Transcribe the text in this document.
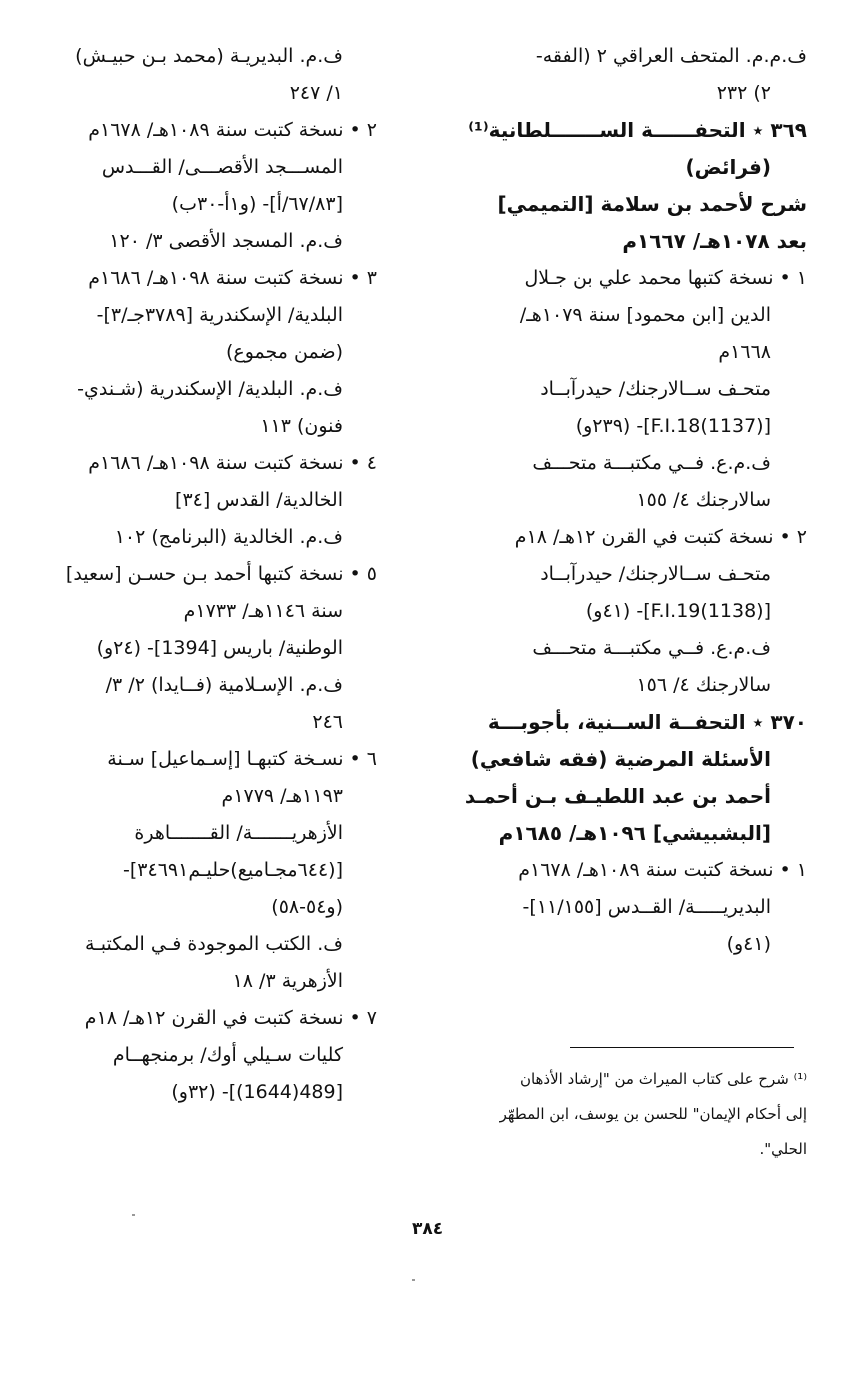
ف.م.م. المتحف العراقي ٢ (الفقه-
٢) ٢٣٢
٣٦٩ ٭ التحفــــــة الســـــــلطانية⁽¹⁾
(فرائض)
شرح لأحمد بن سلامة [التميمي]
بعد ١٠٧٨هـ/ ١٦٦٧م
١ • نسخة كتبها محمد علي بن جـلال
الدين [ابن محمود] سنة ١٠٧٩هـ/
١٦٦٨م
متحـف ســالارجنك/ حيدرآبــاد
[(1137)F.I.18]- (٢٣٩و)
ف.م.ع. فــي مكتبـــة متحـــف
سالارجنك ٤/ ١٥٥
٢ • نسخة كتبت في القرن ١٢هـ/ ١٨م
متحـف ســالارجنك/ حيدرآبــاد
[(1138)F.I.19]- (٤١و)
ف.م.ع. فــي مكتبـــة متحـــف
سالارجنك ٤/ ١٥٦
٣٧٠ ٭ التحفــة الســنية، بأجوبـــة
الأسئلة المرضية (فقه شافعي)
أحمد بن عبد اللطيـف بـن أحمـد
[البشبيشي] ١٠٩٦هـ/ ١٦٨٥م
١ • نسخة كتبت سنة ١٠٨٩هـ/ ١٦٧٨م
البديريـــــة/ القــدس [١١/١٥٥]-
(٤١و)
ف.م. البديريـة (محمد بـن حبيـش)
١/ ٢٤٧
٢ • نسخة كتبت سنة ١٠٨٩هـ/ ١٦٧٨م
المســـجد الأقصـــى/ القـــدس
[٦٧/٨٣/أ]- (و١أ-٣٠ب)
ف.م. المسجد الأقصى ٣/ ١٢٠
٣ • نسخة كتبت سنة ١٠٩٨هـ/ ١٦٨٦م
البلدية/ الإسكندرية [٣٧٨٩جـ/٣]-
(ضمن مجموع)
ف.م. البلدية/ الإسكندرية (شـندي-
فنون) ١١٣
٤ • نسخة كتبت سنة ١٠٩٨هـ/ ١٦٨٦م
الخالدية/ القدس [٣٤]
ف.م. الخالدية (البرنامج) ١٠٢
٥ • نسخة كتبها أحمد بـن حسـن [سعيد]
سنة ١١٤٦هـ/ ١٧٣٣م
الوطنية/ باريس [1394]- (٢٤و)
ف.م. الإسـلامية (فــايدا) ٢/ ٣/
٢٤٦
٦ • نسـخة كتبهـا [إسـماعيل] سـنة
١١٩٣هـ/ ١٧٧٩م
الأزهريـــــــة/ القـــــــاهرة
[(٦٤٤مجـاميع)حليـم٣٤٦٩١]-
(و٥٤-٥٨)
ف. الكتب الموجودة فـي المكتبـة
الأزهرية ٣/ ١٨
٧ • نسخة كتبت في القرن ١٢هـ/ ١٨م
كليات سـيلي أوك/ برمنجهــام
[489(1644)]- (٣٢و)
⁽¹⁾ شرح على كتاب الميراث من "إرشاد الأذهان
إلى أحكام الإيمان" للحسن بن يوسف، ابن المطهّر
الحلي".
٣٨٤
